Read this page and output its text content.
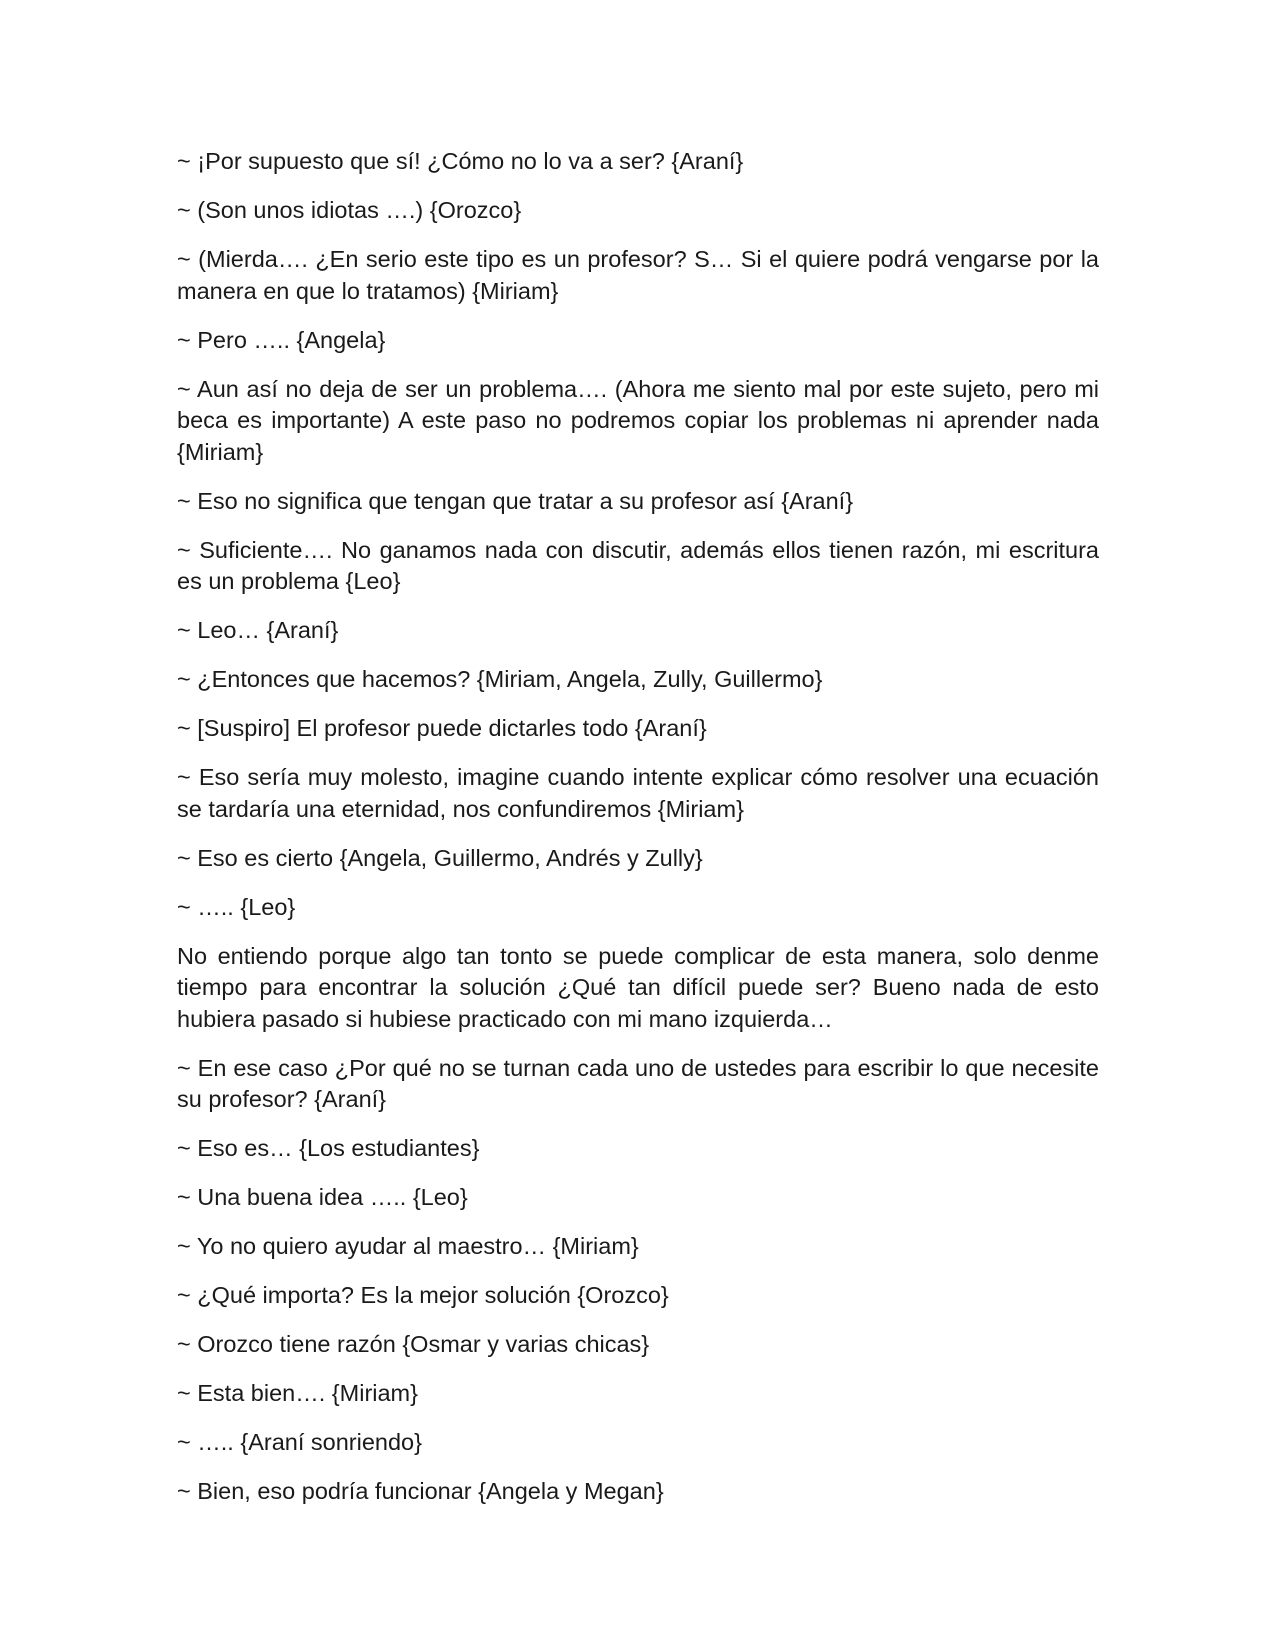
~ ¡Por supuesto que sí! ¿Cómo no lo va a ser? {Araní}

~ (Son unos idiotas ….) {Orozco}

~ (Mierda…. ¿En serio este tipo es un profesor? S… Si el quiere podrá vengarse por la manera en que lo tratamos) {Miriam}

~ Pero ….. {Angela}

~ Aun así no deja de ser un problema…. (Ahora me siento mal por este sujeto, pero mi beca es importante) A este paso no podremos copiar los problemas ni aprender nada {Miriam}

~ Eso no significa que tengan que tratar a su profesor así {Araní}

~ Suficiente…. No ganamos nada con discutir, además ellos tienen razón, mi escritura es un problema {Leo}

~ Leo… {Araní}

~ ¿Entonces que hacemos? {Miriam, Angela, Zully, Guillermo}

~ [Suspiro] El profesor puede dictarles todo {Araní}

~ Eso sería muy molesto, imagine cuando intente explicar cómo resolver una ecuación se tardaría una eternidad, nos confundiremos {Miriam}

~ Eso es cierto {Angela, Guillermo, Andrés y Zully}

~ ….. {Leo}

No entiendo porque algo tan tonto se puede complicar de esta manera, solo denme tiempo para encontrar la solución ¿Qué tan difícil puede ser? Bueno nada de esto hubiera pasado si hubiese practicado con mi mano izquierda…

~ En ese caso ¿Por qué no se turnan cada uno de ustedes para escribir lo que necesite su profesor? {Araní}

~ Eso es… {Los estudiantes}

~ Una buena idea ….. {Leo}

~ Yo no quiero ayudar al maestro… {Miriam}

~ ¿Qué importa? Es la mejor solución {Orozco}

~ Orozco tiene razón {Osmar y varias chicas}

~ Esta bien…. {Miriam}

~ ….. {Araní sonriendo}

~ Bien, eso podría funcionar {Angela y Megan}
